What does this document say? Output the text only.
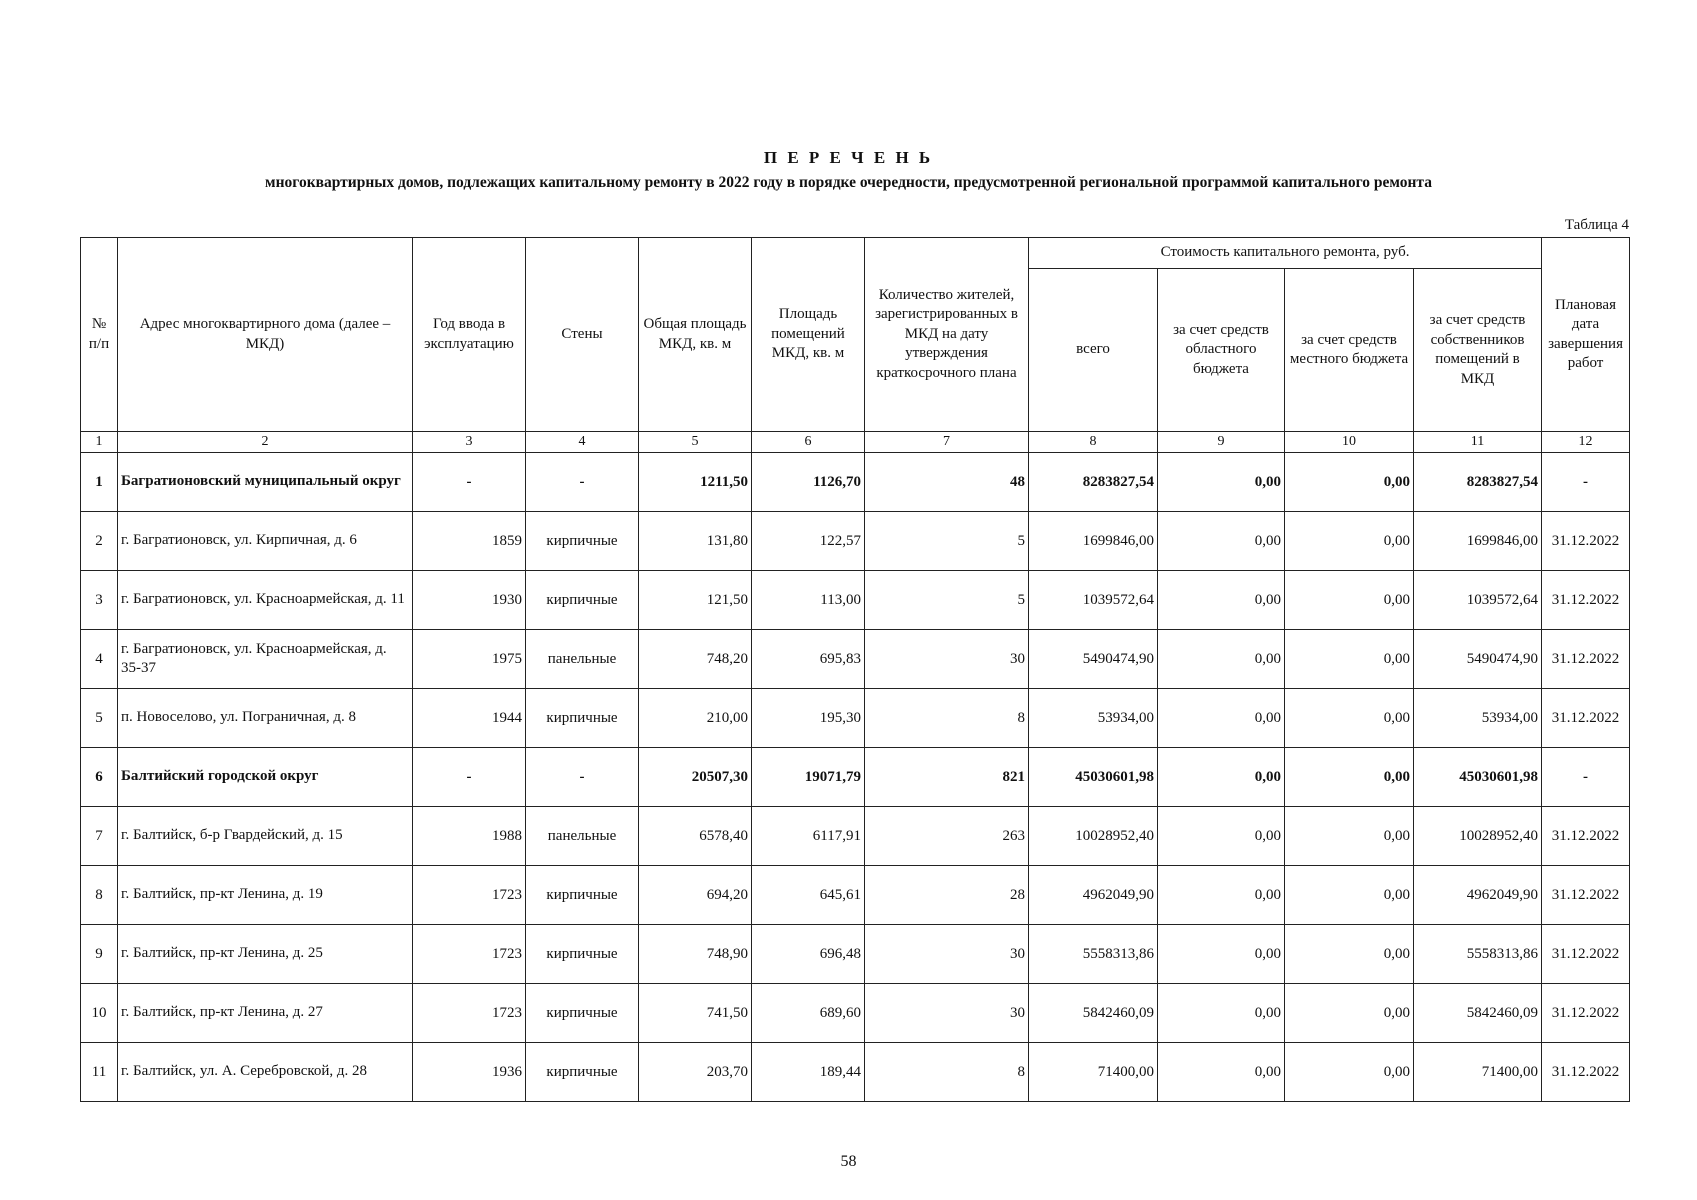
П Е Р Е Ч Е Н Ь
многоквартирных домов, подлежащих капитальному ремонту в 2022 году в порядке очередности, предусмотренной региональной программой капитального ремонта
Таблица 4
№ п/п	Адрес многоквартирного дома (далее – МКД)	Год ввода в эксплуатацию	Стены	Общая площадь МКД, кв. м	Площадь помещений МКД, кв. м	Количество жителей, зарегистрированных в МКД на дату утверждения краткосрочного плана	Стоимость капитального ремонта, руб.				Плановая дата завершения работ
							всего	за счет средств областного бюджета	за счет средств местного бюджета	за счет средств собственников помещений в МКД	
1	2	3	4	5	6	7	8	9	10	11	12
1	Багратионовский муниципальный округ	-	-	1211,50	1126,70	48	8283827,54	0,00	0,00	8283827,54	-
2	г. Багратионовск, ул. Кирпичная, д. 6	1859	кирпичные	131,80	122,57	5	1699846,00	0,00	0,00	1699846,00	31.12.2022
3	г. Багратионовск, ул. Красноармейская, д. 11	1930	кирпичные	121,50	113,00	5	1039572,64	0,00	0,00	1039572,64	31.12.2022
4	г. Багратионовск, ул. Красноармейская, д. 35-37	1975	панельные	748,20	695,83	30	5490474,90	0,00	0,00	5490474,90	31.12.2022
5	п. Новоселово, ул. Пограничная, д. 8	1944	кирпичные	210,00	195,30	8	53934,00	0,00	0,00	53934,00	31.12.2022
6	Балтийский городской округ	-	-	20507,30	19071,79	821	45030601,98	0,00	0,00	45030601,98	-
7	г. Балтийск, б-р Гвардейский, д. 15	1988	панельные	6578,40	6117,91	263	10028952,40	0,00	0,00	10028952,40	31.12.2022
8	г. Балтийск, пр-кт Ленина, д. 19	1723	кирпичные	694,20	645,61	28	4962049,90	0,00	0,00	4962049,90	31.12.2022
9	г. Балтийск, пр-кт Ленина, д. 25	1723	кирпичные	748,90	696,48	30	5558313,86	0,00	0,00	5558313,86	31.12.2022
10	г. Балтийск, пр-кт Ленина, д. 27	1723	кирпичные	741,50	689,60	30	5842460,09	0,00	0,00	5842460,09	31.12.2022
11	г. Балтийск, ул. А. Серебровской, д. 28	1936	кирпичные	203,70	189,44	8	71400,00	0,00	0,00	71400,00	31.12.2022
58
